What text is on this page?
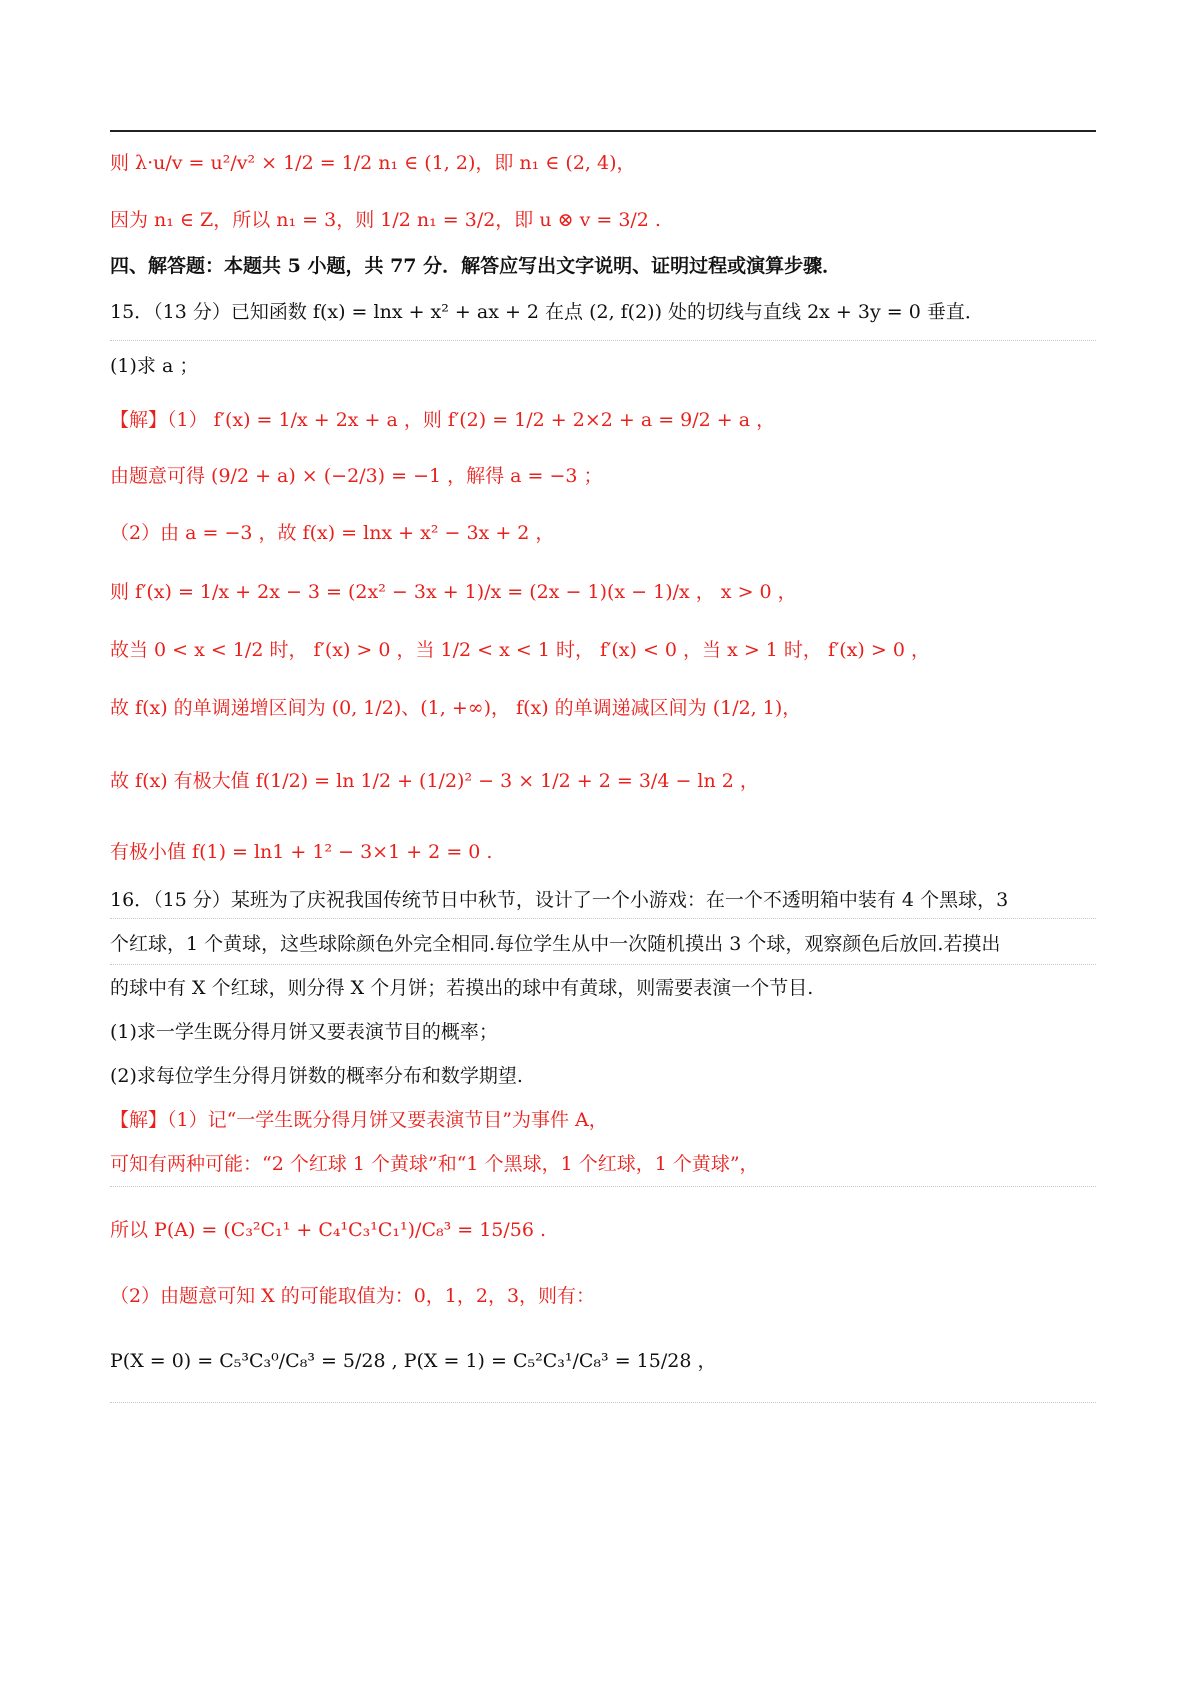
则 λ·u/v = u²/v² × 1/2 = 1/2 n₁ ∈ (1, 2)，即 n₁ ∈ (2, 4)，
因为 n₁ ∈ Z，所以 n₁ = 3，则 1/2 n₁ = 3/2，即 u ⊗ v = 3/2 .
四、解答题：本题共 5 小题，共 77 分．解答应写出文字说明、证明过程或演算步骤．
15．（13 分）已知函数 f(x) = lnx + x² + ax + 2 在点 (2, f(2)) 处的切线与直线 2x + 3y = 0 垂直．
(1)求 a ；
【解】（1） f′(x) = 1/x + 2x + a ，则 f′(2) = 1/2 + 2×2 + a = 9/2 + a ，
由题意可得 (9/2 + a) × (−2/3) = −1 ，解得 a = −3 ；
（2）由 a = −3 ，故 f(x) = lnx + x² − 3x + 2 ，
则 f′(x) = 1/x + 2x − 3 = (2x² − 3x + 1)/x = (2x − 1)(x − 1)/x ， x > 0 ，
故当 0 < x < 1/2 时， f′(x) > 0 ，当 1/2 < x < 1 时， f′(x) < 0 ，当 x > 1 时， f′(x) > 0 ，
故 f(x) 的单调递增区间为 (0, 1/2)、(1, +∞)， f(x) 的单调递减区间为 (1/2, 1)，
故 f(x) 有极大值 f(1/2) = ln 1/2 + (1/2)² − 3 × 1/2 + 2 = 3/4 − ln 2 ，
有极小值 f(1) = ln1 + 1² − 3×1 + 2 = 0 .
16．（15 分）某班为了庆祝我国传统节日中秋节，设计了一个小游戏：在一个不透明箱中装有 4 个黑球，3
个红球，1 个黄球，这些球除颜色外完全相同.每位学生从中一次随机摸出 3 个球，观察颜色后放回.若摸出
的球中有 X 个红球，则分得 X 个月饼；若摸出的球中有黄球，则需要表演一个节目.
(1)求一学生既分得月饼又要表演节目的概率；
(2)求每位学生分得月饼数的概率分布和数学期望.
【解】（1）记“一学生既分得月饼又要表演节目”为事件 A，
可知有两种可能：“2 个红球 1 个黄球”和“1 个黑球，1 个红球，1 个黄球”，
所以 P(A) = (C₃²C₁¹ + C₄¹C₃¹C₁¹)/C₈³ = 15/56 .
（2）由题意可知 X 的可能取值为：0，1，2，3，则有：
P(X = 0) = C₅³C₃⁰/C₈³ = 5/28 , P(X = 1) = C₅²C₃¹/C₈³ = 15/28 ，
